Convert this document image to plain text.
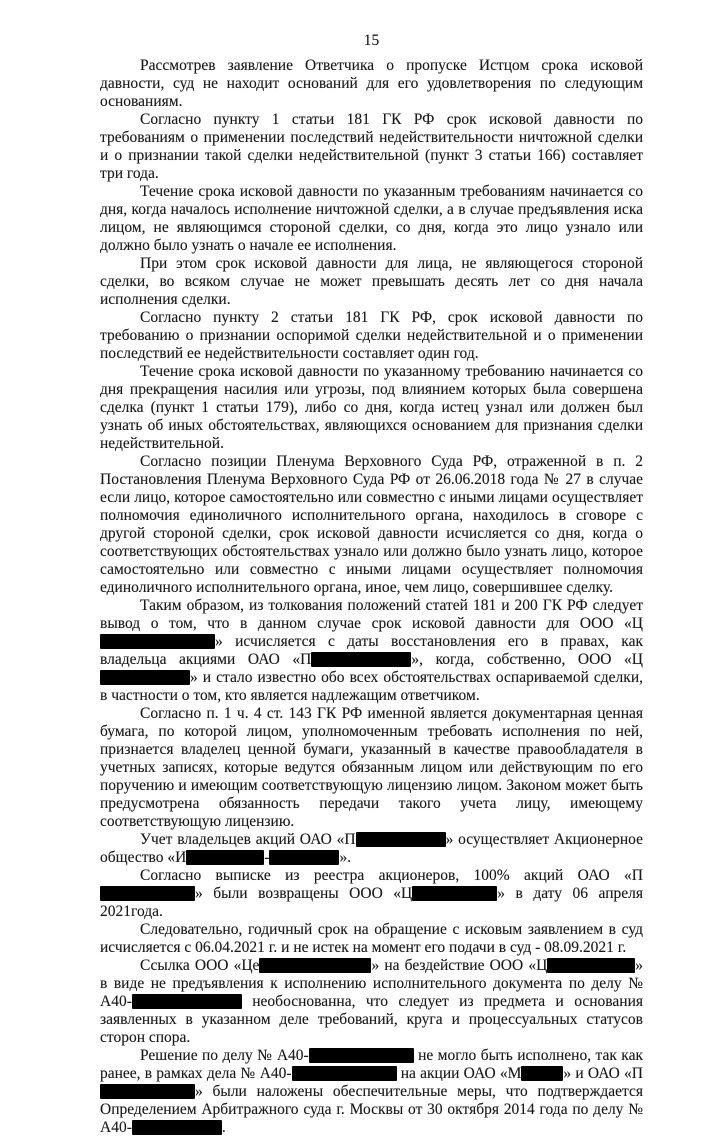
15

Рассмотрев заявление Ответчика о пропуске Истцом срока исковой давности, суд не находит оснований для его удовлетворения по следующим основаниям.

Согласно пункту 1 статьи 181 ГК РФ срок исковой давности по требованиям о применении последствий недействительности ничтожной сделки и о признании такой сделки недействительной (пункт 3 статьи 166) составляет три года.

Течение срока исковой давности по указанным требованиям начинается со дня, когда началось исполнение ничтожной сделки, а в случае предъявления иска лицом, не являющимся стороной сделки, со дня, когда это лицо узнало или должно было узнать о начале ее исполнения.

При этом срок исковой давности для лица, не являющегося стороной сделки, во всяком случае не может превышать десять лет со дня начала исполнения сделки.

Согласно пункту 2 статьи 181 ГК РФ, срок исковой давности по требованию о признании оспоримой сделки недействительной и о применении последствий ее недействительности составляет один год.

Течение срока исковой давности по указанному требованию начинается со дня прекращения насилия или угрозы, под влиянием которых была совершена сделка (пункт 1 статьи 179), либо со дня, когда истец узнал или должен был узнать об иных обстоятельствах, являющихся основанием для признания сделки недействительной.

Согласно позиции Пленума Верховного Суда РФ, отраженной в п. 2 Постановления Пленума Верховного Суда РФ от 26.06.2018 года № 27 в случае если лицо, которое самостоятельно или совместно с иными лицами осуществляет полномочия единоличного исполнительного органа, находилось в сговоре с другой стороной сделки, срок исковой давности исчисляется со дня, когда о соответствующих обстоятельствах узнало или должно было узнать лицо, которое самостоятельно или совместно с иными лицами осуществляет полномочия единоличного исполнительного органа, иное, чем лицо, совершившее сделку.

Таким образом, из толкования положений статей 181 и 200 ГК РФ следует вывод о том, что в данном случае срок исковой давности для ООО «Ц» исчисляется с даты восстановления его в правах, как владельца акциями ОАО «П	», когда, собственно, ООО «Ц» и стало известно обо всех обстоятельствах оспариваемой сделки, в частности о том, кто является надлежащим ответчиком.

Согласно п. 1 ч. 4 ст. 143 ГК РФ именной является документарная ценная бумага, по которой лицом, уполномоченным требовать исполнения по ней, признается владелец ценной бумаги, указанный в качестве правообладателя в учетных записях, которые ведутся обязанным лицом или действующим по его поручению и имеющим соответствующую лицензию лицом. Законом может быть предусмотрена обязанность передачи такого учета лицу, имеющему соответствующую лицензию.

Учет владельцев акций ОАО «П	» осуществляет Акционерное общество «И	-	».

Согласно выписке из реестра акционеров, 100% акций ОАО «П» были возвращены ООО «Ц	» в дату 06 апреля 2021года.

Следовательно, годичный срок на обращение с исковым заявлением в суд исчисляется с 06.04.2021 г. и не истек на момент его подачи в суд - 08.09.2021 г.

Ссылка ООО «Це	» на бездействие ООО «Ц	» в виде не предъявления к исполнению исполнительного документа по делу № А40-	необоснованна, что следует из предмета и основания заявленных в указанном деле требований, круга и процессуальных статусов сторон спора.

Решение по делу № А40-	не могло быть исполнено, так как ранее, в рамках дела № А40-	на акции ОАО «М	» и ОАО «П» были наложены обеспечительные меры, что подтверждается Определением Арбитражного суда г. Москвы от 30 октября 2014 года по делу № А40-	.
